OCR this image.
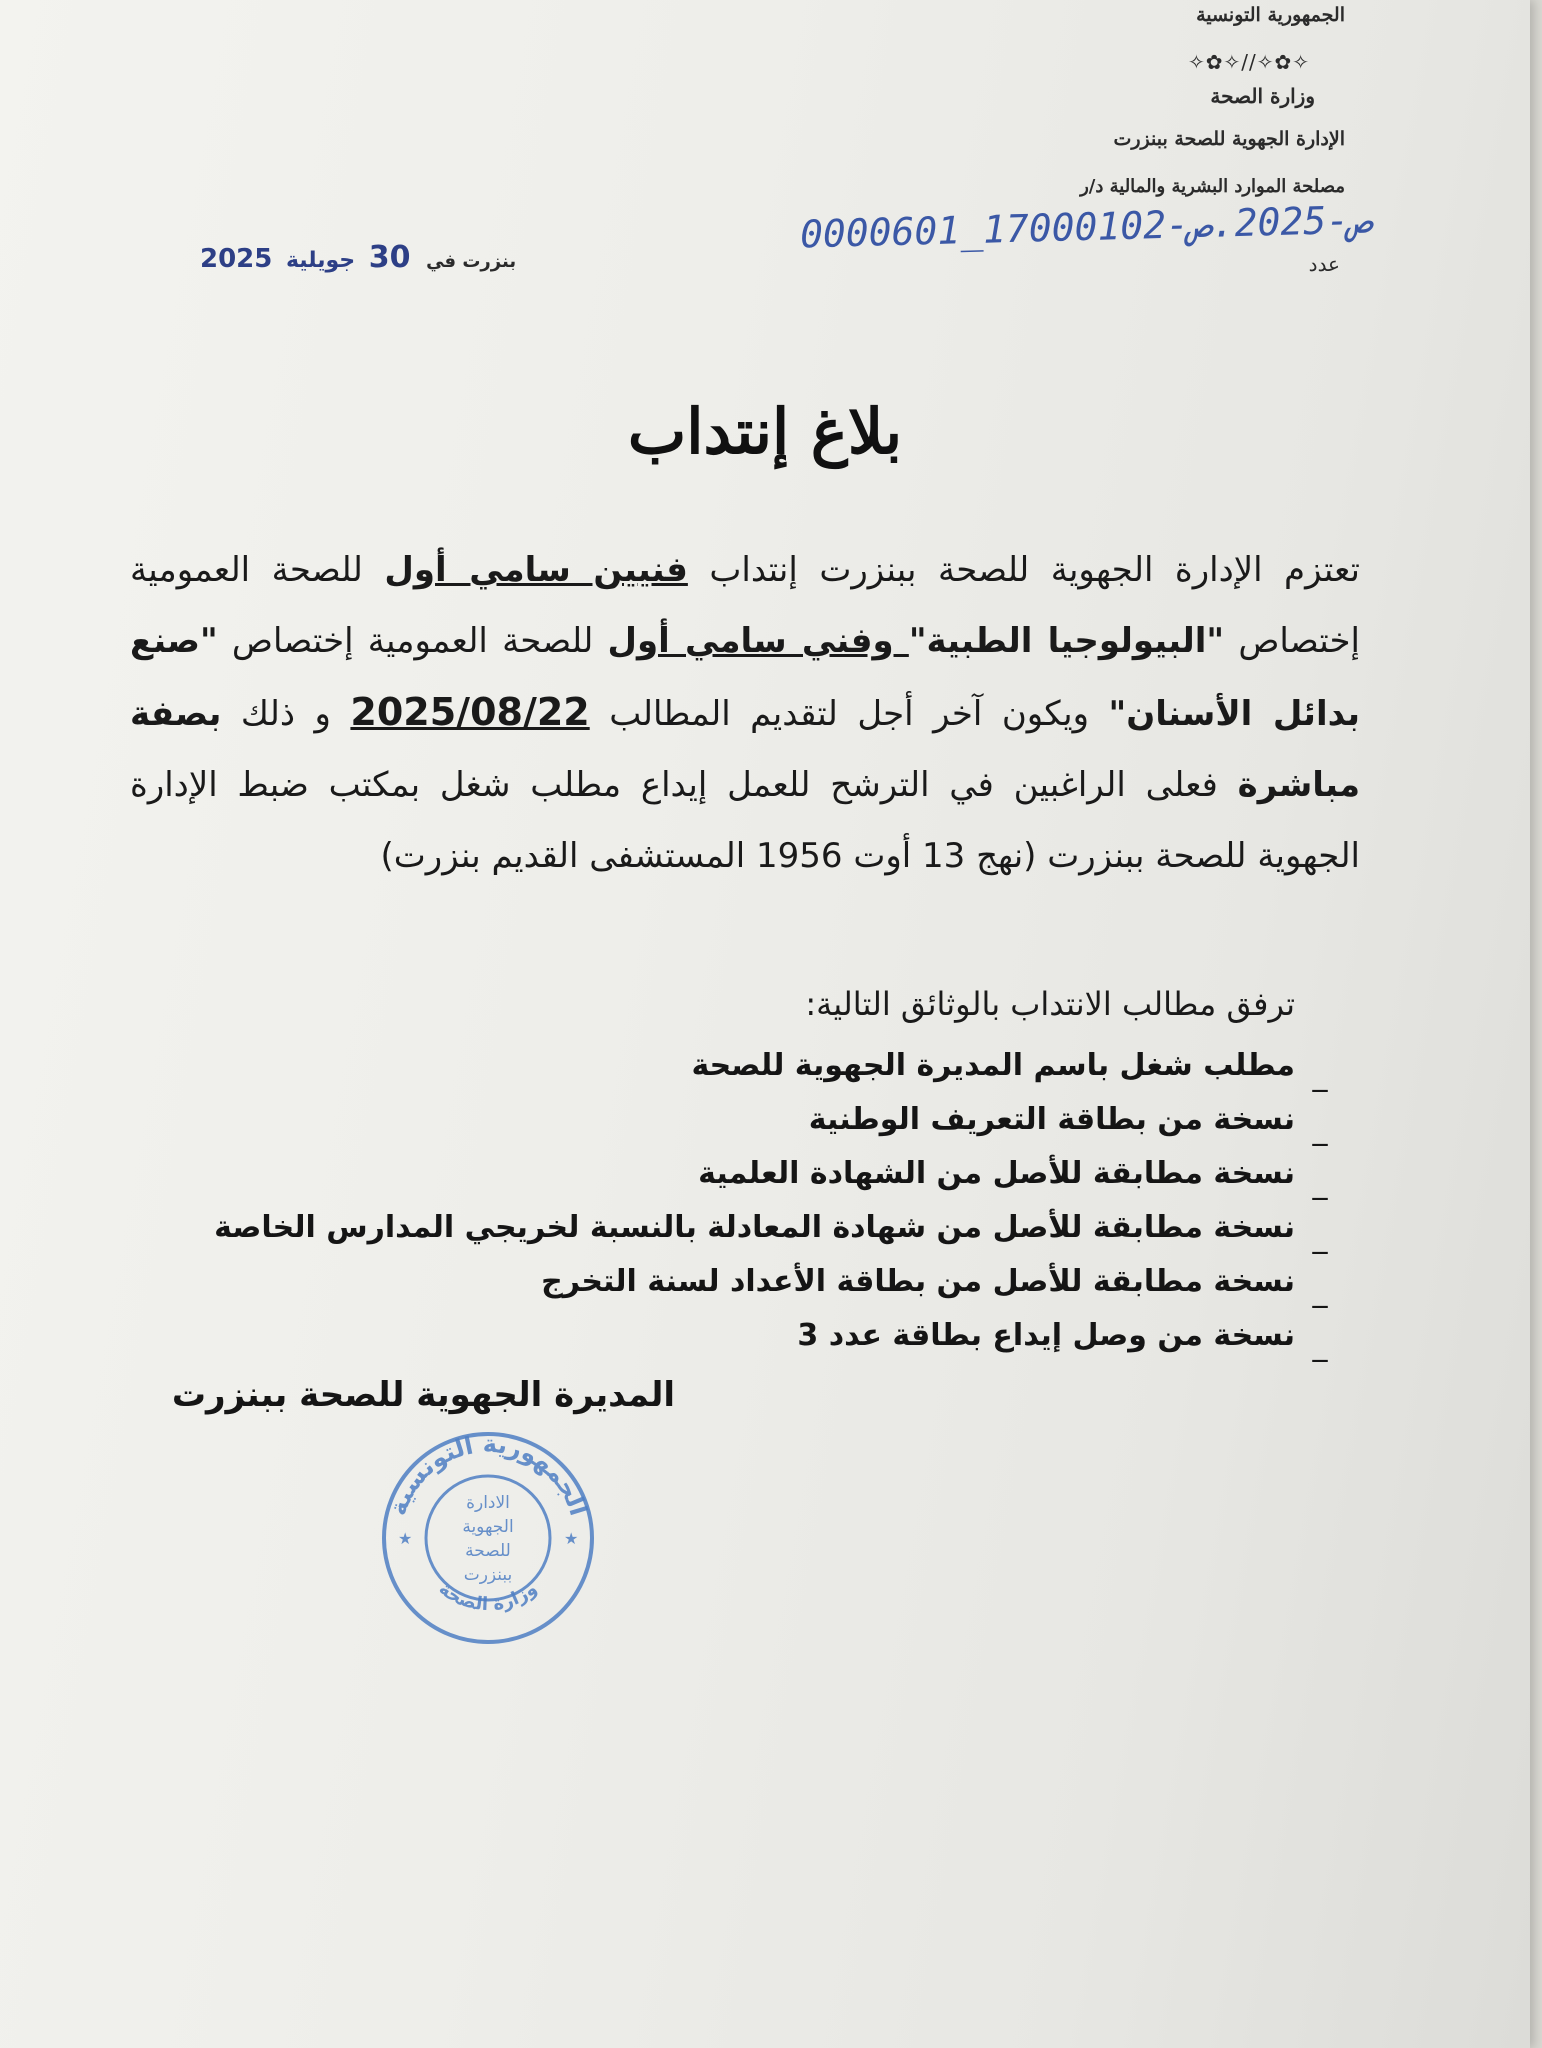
الجمهورية التونسية
✧✿✧//✧✿✧
وزارة الصحة
الإدارة الجهوية للصحة ببنزرت
مصلحة الموارد البشرية والمالية د/ر
0000601_17000102-ص-2025.ص
عدد
بنزرت في 30 جويلية 2025
بلاغ إنتداب
تعتزم الإدارة الجهوية للصحة ببنزرت إنتداب فنيين سامي أول للصحة العمومية إختصاص "البيولوجيا الطبية" وفني سامي أول للصحة العمومية إختصاص "صنع بدائل الأسنان" ويكون آخر أجل لتقديم المطالب 2025/08/22 و ذلك بصفة مباشرة فعلى الراغبين في الترشح للعمل إيداع مطلب شغل بمكتب ضبط الإدارة الجهوية للصحة ببنزرت (نهج 13 أوت 1956 المستشفى القديم بنزرت)
ترفق مطالب الانتداب بالوثائق التالية:
_
مطلب شغل باسم المديرة الجهوية للصحة
_
نسخة من بطاقة التعريف الوطنية
_
نسخة مطابقة للأصل من الشهادة العلمية
_
نسخة مطابقة للأصل من شهادة المعادلة بالنسبة لخريجي المدارس الخاصة
_
نسخة مطابقة للأصل من بطاقة الأعداد لسنة التخرج
_
نسخة من وصل إيداع بطاقة عدد 3
المديرة الجهوية للصحة ببنزرت
الجمهورية التونسية
وزارة الصحة
★	★
الادارة
الجهوية
للصحة
ببنزرت
